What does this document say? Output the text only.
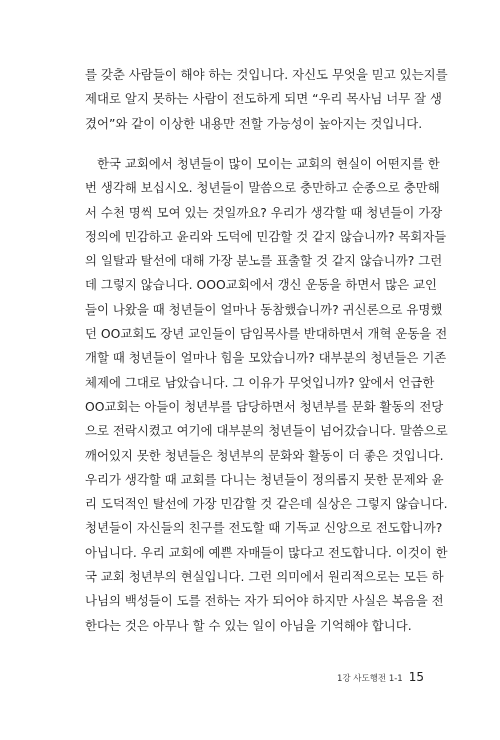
를 갖춘 사람들이 해야 하는 것입니다. 자신도 무엇을 믿고 있는지를
제대로 알지 못하는 사람이 전도하게 되면 “우리 목사님 너무 잘 생
겼어”와 같이 이상한 내용만 전할 가능성이 높아지는 것입니다.
한국 교회에서 청년들이 많이 모이는 교회의 현실이 어떤지를 한
번 생각해 보십시오. 청년들이 말씀으로 충만하고 순종으로 충만해
서 수천 명씩 모여 있는 것일까요? 우리가 생각할 때 청년들이 가장
정의에 민감하고 윤리와 도덕에 민감할 것 같지 않습니까? 목회자들
의 일탈과 탈선에 대해 가장 분노를 표출할 것 같지 않습니까? 그런
데 그렇지 않습니다. OOO교회에서 갱신 운동을 하면서 많은 교인
들이 나왔을 때 청년들이 얼마나 동참했습니까? 귀신론으로 유명했
던 OO교회도 장년 교인들이 담임목사를 반대하면서 개혁 운동을 전
개할 때 청년들이 얼마나 힘을 모았습니까? 대부분의 청년들은 기존
체제에 그대로 남았습니다. 그 이유가 무엇입니까? 앞에서 언급한
OO교회는 아들이 청년부를 담당하면서 청년부를 문화 활동의 전당
으로 전락시켰고 여기에 대부분의 청년들이 넘어갔습니다. 말씀으로
깨어있지 못한 청년들은 청년부의 문화와 활동이 더 좋은 것입니다.
우리가 생각할 때 교회를 다니는 청년들이 정의롭지 못한 문제와 윤
리 도덕적인 탈선에 가장 민감할 것 같은데 실상은 그렇지 않습니다.
청년들이 자신들의 친구를 전도할 때 기독교 신앙으로 전도합니까?
아닙니다. 우리 교회에 예쁜 자매들이 많다고 전도합니다. 이것이 한
국 교회 청년부의 현실입니다. 그런 의미에서 원리적으로는 모든 하
나님의 백성들이 도를 전하는 자가 되어야 하지만 사실은 복음을 전
한다는 것은 아무나 할 수 있는 일이 아님을 기억해야 합니다.
1강 사도행전 1-1 15
